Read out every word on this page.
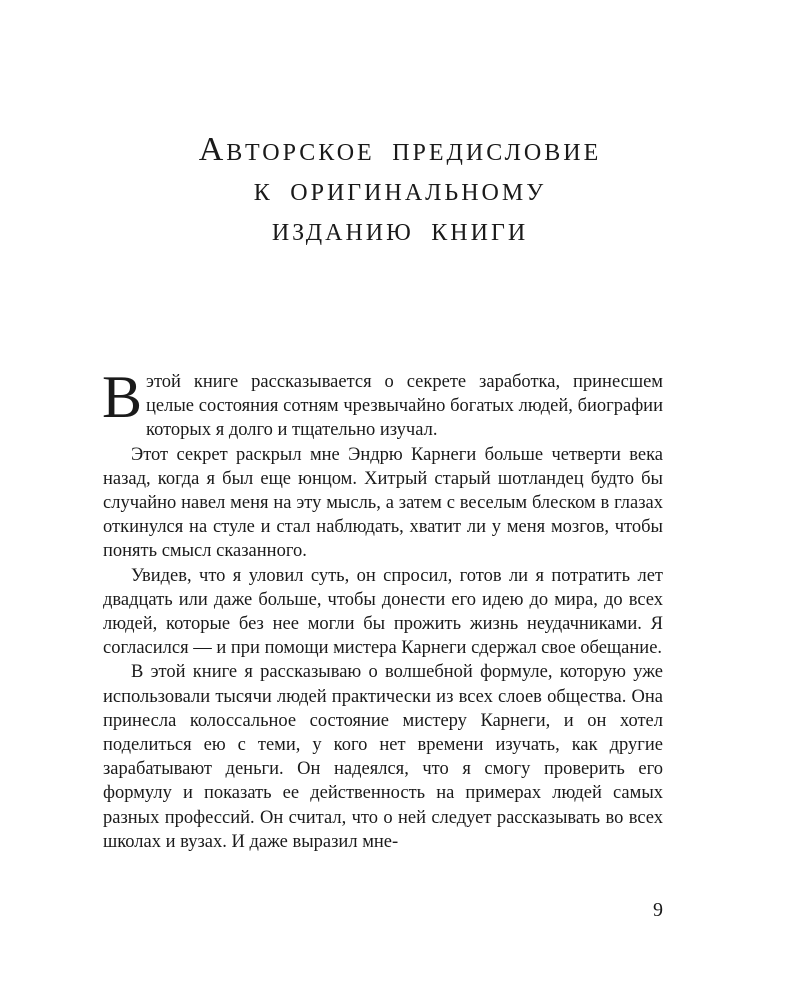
Авторское предисловие
к оригинальному
изданию книги

Вэтой книге рассказывается о секрете заработка, принесшем целые состояния сотням чрезвычайно богатых людей, биографии которых я долго и тщательно изучал.

Этот секрет раскрыл мне Эндрю Карнеги больше четверти века назад, когда я был еще юнцом. Хитрый старый шотландец будто бы случайно навел меня на эту мысль, а затем с веселым блеском в глазах откинулся на стуле и стал наблюдать, хватит ли у меня мозгов, чтобы понять смысл сказанного.

Увидев, что я уловил суть, он спросил, готов ли я потратить лет двадцать или даже больше, чтобы донести его идею до мира, до всех людей, которые без нее могли бы прожить жизнь неудачниками. Я согласился — и при помощи мистера Карнеги сдержал свое обещание.

В этой книге я рассказываю о волшебной формуле, которую уже использовали тысячи людей практически из всех слоев общества. Она принесла колоссальное состояние мистеру Карнеги, и он хотел поделиться ею с теми, у кого нет времени изучать, как другие зарабатывают деньги. Он надеялся, что я смогу проверить его формулу и показать ее действенность на примерах людей самых разных профессий. Он считал, что о ней следует рассказывать во всех школах и вузах. И даже выразил мне-

9
